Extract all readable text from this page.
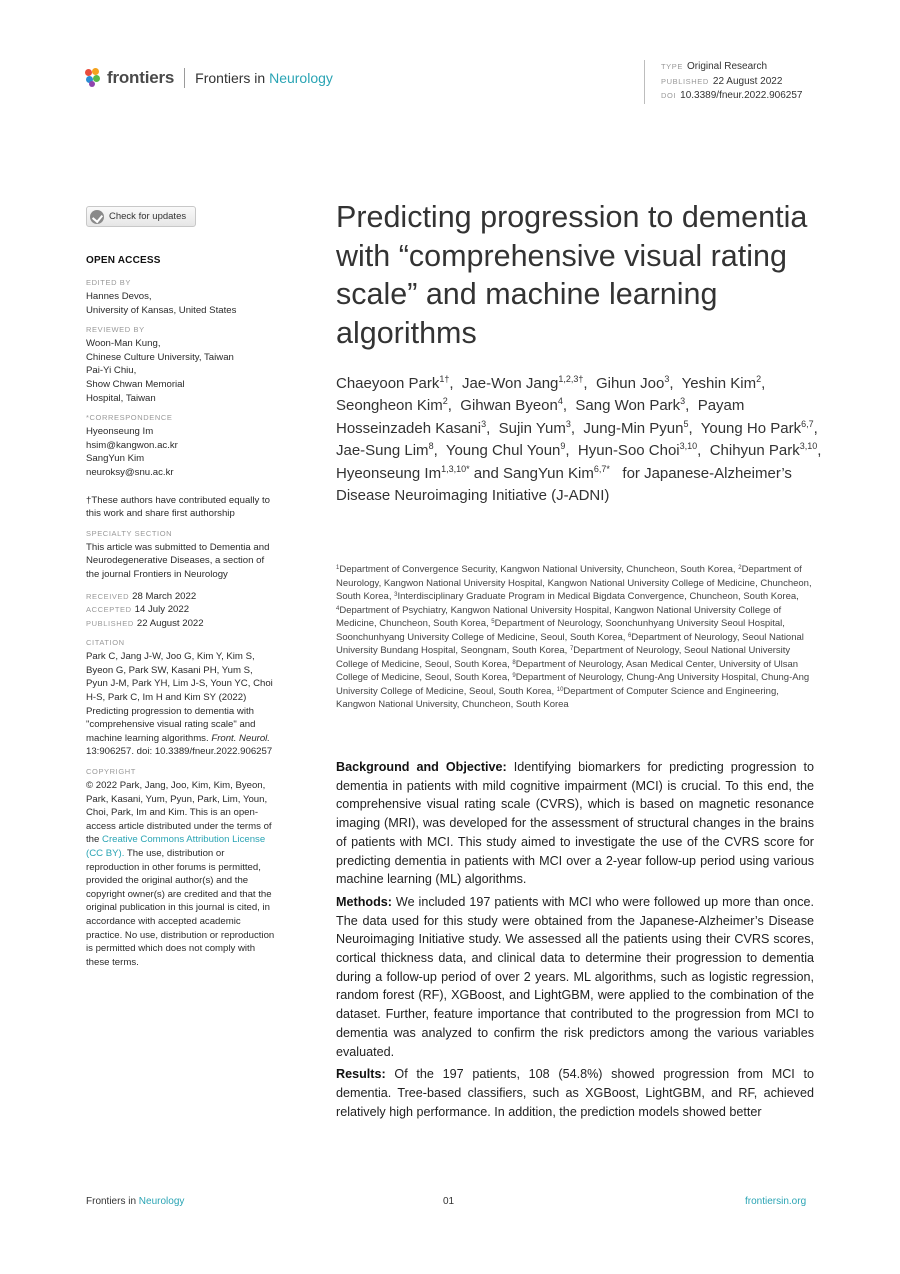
frontiers Frontiers in Neurology
TYPE Original Research
PUBLISHED 22 August 2022
DOI 10.3389/fneur.2022.906257
Check for updates
OPEN ACCESS
EDITED BY
Hannes Devos,
University of Kansas, United States
REVIEWED BY
Woon-Man Kung,
Chinese Culture University, Taiwan
Pai-Yi Chiu,
Show Chwan Memorial
Hospital, Taiwan
*CORRESPONDENCE
Hyeonseung Im
hsim@kangwon.ac.kr
SangYun Kim
neuroksy@snu.ac.kr
†These authors have contributed equally to this work and share first authorship
SPECIALTY SECTION
This article was submitted to Dementia and Neurodegenerative Diseases, a section of the journal Frontiers in Neurology
RECEIVED 28 March 2022
ACCEPTED 14 July 2022
PUBLISHED 22 August 2022
CITATION
Park C, Jang J-W, Joo G, Kim Y, Kim S, Byeon G, Park SW, Kasani PH, Yum S, Pyun J-M, Park YH, Lim J-S, Youn YC, Choi H-S, Park C, Im H and Kim SY (2022) Predicting progression to dementia with "comprehensive visual rating scale" and machine learning algorithms. Front. Neurol. 13:906257. doi: 10.3389/fneur.2022.906257
COPYRIGHT
© 2022 Park, Jang, Joo, Kim, Kim, Byeon, Park, Kasani, Yum, Pyun, Park, Lim, Youn, Choi, Park, Im and Kim. This is an open-access article distributed under the terms of the Creative Commons Attribution License (CC BY). The use, distribution or reproduction in other forums is permitted, provided the original author(s) and the copyright owner(s) are credited and that the original publication in this journal is cited, in accordance with accepted academic practice. No use, distribution or reproduction is permitted which does not comply with these terms.
Predicting progression to dementia with “comprehensive visual rating scale” and machine learning algorithms
Chaeyoon Park$^{1\dagger}$,  Jae-Won Jang$^{1,2,3\dagger}$,  Gihun Joo$^3$,  Yeshin Kim$^2$,  Seongheon Kim$^2$,  Gihwan Byeon$^4$,  Sang Won Park$^3$,  Payam Hosseinzadeh Kasani$^3$,  Sujin Yum$^3$,  Jung-Min Pyun$^5$,  Young Ho Park$^{6,7}$,  Jae-Sung Lim$^8$,  Young Chul Youn$^9$,  Hyun-Soo Choi$^{3,10}$,  Chihyun Park$^{3,10}$,  Hyeonseung $Im^{1,3,10*}$ and SangYun Kim$^{6,7*}$ for Japanese-Alzheimer’s Disease Neuroimaging Initiative (J-ADNI)
$^1$Department of Convergence Security, Kangwon National University, Chuncheon, South Korea, $^2$Department of Neurology, Kangwon National University Hospital, Kangwon National University College of Medicine, Chuncheon, South Korea, $^3$Interdisciplinary Graduate Program in Medical Bigdata Convergence, Chuncheon, South Korea, $^4$Department of Psychiatry, Kangwon National University Hospital, Kangwon National University College of Medicine, Chuncheon, South Korea, $^5$Department of Neurology, Soonchunhyang University Seoul Hospital, Soonchunhyang University College of Medicine, Seoul, South Korea, $^6$Department of Neurology, Seoul National University Bundang Hospital, Seongnam, South Korea, $^7$Department of Neurology, Seoul National University College of Medicine, Seoul, South Korea, $^8$Department of Neurology, Asan Medical Center, University of Ulsan College of Medicine, Seoul, South Korea, $^9$Department of Neurology, Chung-Ang University Hospital, Chung-Ang University College of Medicine, Seoul, South Korea, $^{10}$Department of Computer Science and Engineering, Kangwon National University, Chuncheon, South Korea

Background and Objective: Identifying biomarkers for predicting progression to dementia in patients with mild cognitive impairment (MCI) is crucial. To this end, the comprehensive visual rating scale (CVRS), which is based on magnetic resonance imaging (MRI), was developed for the assessment of structural changes in the brains of patients with MCI. This study aimed to investigate the use of the CVRS score for predicting dementia in patients with MCI over a 2-year follow-up period using various machine learning (ML) algorithms.

Methods: We included 197 patients with MCI who were followed up more than once. The data used for this study were obtained from the Japanese-Alzheimer’s Disease Neuroimaging Initiative study. We assessed all the patients using their CVRS scores, cortical thickness data, and clinical data to determine their progression to dementia during a follow-up period of over 2 years. ML algorithms, such as logistic regression, random forest (RF), XGBoost, and LightGBM, were applied to the combination of the dataset. Further, feature importance that contributed to the progression from MCI to dementia was analyzed to confirm the risk predictors among the various variables evaluated.

Results: Of the 197 patients, 108 (54.8%) showed progression from MCI to dementia. Tree-based classifiers, such as XGBoost, LightGBM, and RF, achieved relatively high performance. In addition, the prediction models showed better

Frontiers in Neurology	01	frontiersin.org
